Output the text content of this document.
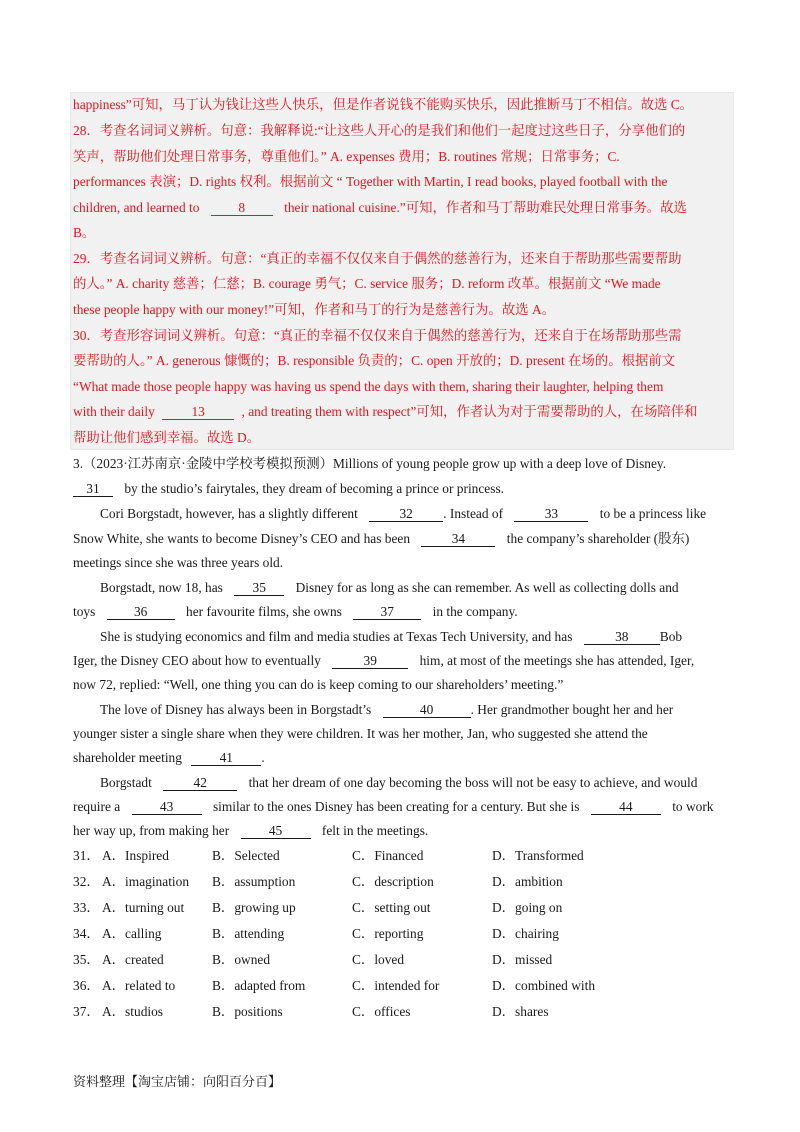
happiness”可知，马丁认为钱让这些人快乐，但是作者说钱不能购买快乐，因此推断马丁不相信。故选 C。
28．考查名词词义辨析。句意：我解释说:“让这些人开心的是我们和他们一起度过这些日子，分享他们的
笑声，帮助他们处理日常事务，尊重他们。” A. expenses 费用；B. routines 常规；日常事务；C.
performances 表演；D. rights 权利。根据前文 “ Together with Martin, I read books, played football with the
children, and learned to	8	their national cuisine.”可知，作者和马丁帮助难民处理日常事务。故选
B。
29．考查名词词义辨析。句意：“真正的幸福不仅仅来自于偶然的慈善行为，还来自于帮助那些需要帮助
的人。” A. charity 慈善；仁慈；B. courage 勇气；C. service 服务；D. reform 改革。根据前文 “We made
these people happy with our money!”可知，作者和马丁的行为是慈善行为。故选 A。
30．考查形容词词义辨析。句意：“真正的幸福不仅仅来自于偶然的慈善行为，还来自于在场帮助那些需
要帮助的人。” A. generous 慷慨的；B. responsible 负责的；C. open 开放的；D. present 在场的。根据前文
“What made those people happy was having us spend the days with them, sharing their laughter, helping them
with their daily	13	, and treating them with respect”可知，作者认为对于需要帮助的人，在场陪伴和
帮助让他们感到幸福。故选 D。
3.（2023·江苏南京·金陵中学校考模拟预测）Millions of young people grow up with a deep love of Disney.
31 by the studio’s fairytales, they dream of becoming a prince or princess.
Cori Borgstadt, however, has a slightly different	32 . Instead of	33	to be a princess like
Snow White, she wants to become Disney’s CEO and has been	34	the company’s shareholder (股东)
meetings since she was three years old.
Borgstadt, now 18, has 35 Disney for as long as she can remember. As well as collecting dolls and
toys	36	her favourite films, she owns	37	in the company.
She is studying economics and film and media studies at Texas Tech University, and has	38 Bob
Iger, the Disney CEO about how to eventually	39	him, at most of the meetings she has attended, Iger,
now 72, replied: “Well, one thing you can do is keep coming to our shareholders’ meeting.”
The love of Disney has always been in Borgstadt’s	40	. Her grandmother bought her and her
younger sister a single share when they were children. It was her mother, Jan, who suggested she attend the
shareholder meeting	41 .
Borgstadt	42	that her dream of one day becoming the boss will not be easy to achieve, and would
require a	43	similar to the ones Disney has been creating for a century. But she is	44	to work
her way up, from making her	45	felt in the meetings.
31． A．Inspired	B．Selected	C．Financed	D．Transformed
32． A．imagination B．assumption	C．description	D．ambition
33． A．turning out B．growing up	C．setting out	D．going on
34． A．calling	B．attending	C．reporting	D．chairing
35． A．created	B．owned	C．loved	D．missed
36． A．related to	B．adapted from	C．intended for	D．combined with
37． A．studios	B．positions	C．offices	D．shares
资料整理【淘宝店铺：向阳百分百】
